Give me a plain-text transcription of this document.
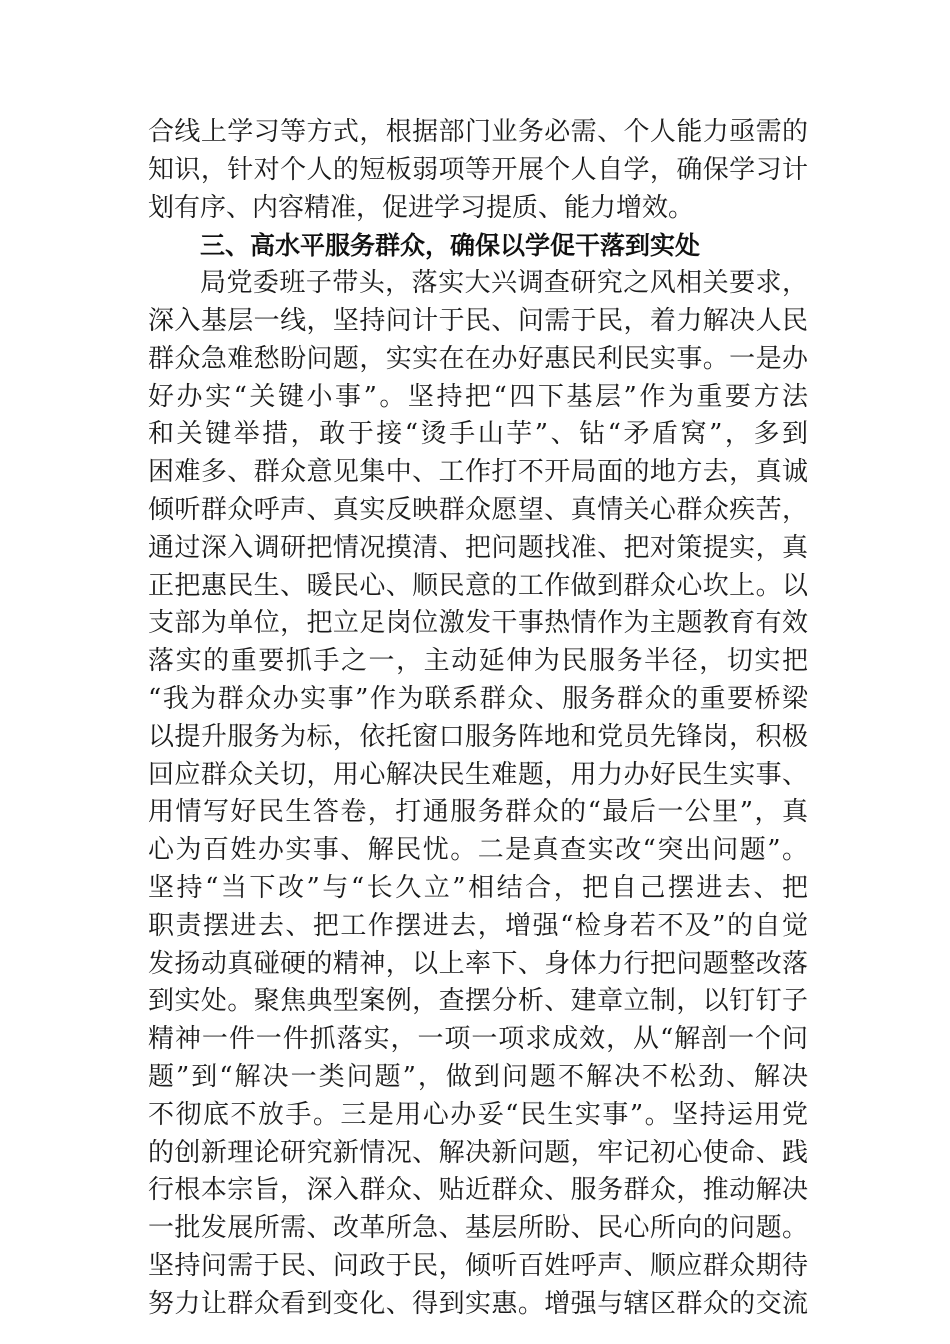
合线上学习等方式，根据部门业务必需、个人能力亟需的
知识，针对个人的短板弱项等开展个人自学，确保学习计
划有序、内容精准，促进学习提质、能力增效。
三、高水平服务群众，确保以学促干落到实处
局党委班子带头，落实大兴调查研究之风相关要求，
深入基层一线，坚持问计于民、问需于民，着力解决人民
群众急难愁盼问题，实实在在办好惠民利民实事。一是办
好办实“关键小事”。坚持把“四下基层”作为重要方法
和关键举措，敢于接“烫手山芋”、钻“矛盾窝”，多到
困难多、群众意见集中、工作打不开局面的地方去，真诚
倾听群众呼声、真实反映群众愿望、真情关心群众疾苦，
通过深入调研把情况摸清、把问题找准、把对策提实，真
正把惠民生、暖民心、顺民意的工作做到群众心坎上。以
支部为单位，把立足岗位激发干事热情作为主题教育有效
落实的重要抓手之一，主动延伸为民服务半径，切实把
“我为群众办实事”作为联系群众、服务群众的重要桥梁
以提升服务为标，依托窗口服务阵地和党员先锋岗，积极
回应群众关切，用心解决民生难题，用力办好民生实事、
用情写好民生答卷，打通服务群众的“最后一公里”，真
心为百姓办实事、解民忧。二是真查实改“突出问题”。
坚持“当下改”与“长久立”相结合，把自己摆进去、把
职责摆进去、把工作摆进去，增强“检身若不及”的自觉
发扬动真碰硬的精神，以上率下、身体力行把问题整改落
到实处。聚焦典型案例，查摆分析、建章立制，以钉钉子
精神一件一件抓落实，一项一项求成效，从“解剖一个问
题”到“解决一类问题”，做到问题不解决不松劲、解决
不彻底不放手。三是用心办妥“民生实事”。坚持运用党
的创新理论研究新情况、解决新问题，牢记初心使命、践
行根本宗旨，深入群众、贴近群众、服务群众，推动解决
一批发展所需、改革所急、基层所盼、民心所向的问题。
坚持问需于民、问政于民，倾听百姓呼声、顺应群众期待
努力让群众看到变化、得到实惠。增强与辖区群众的交流
